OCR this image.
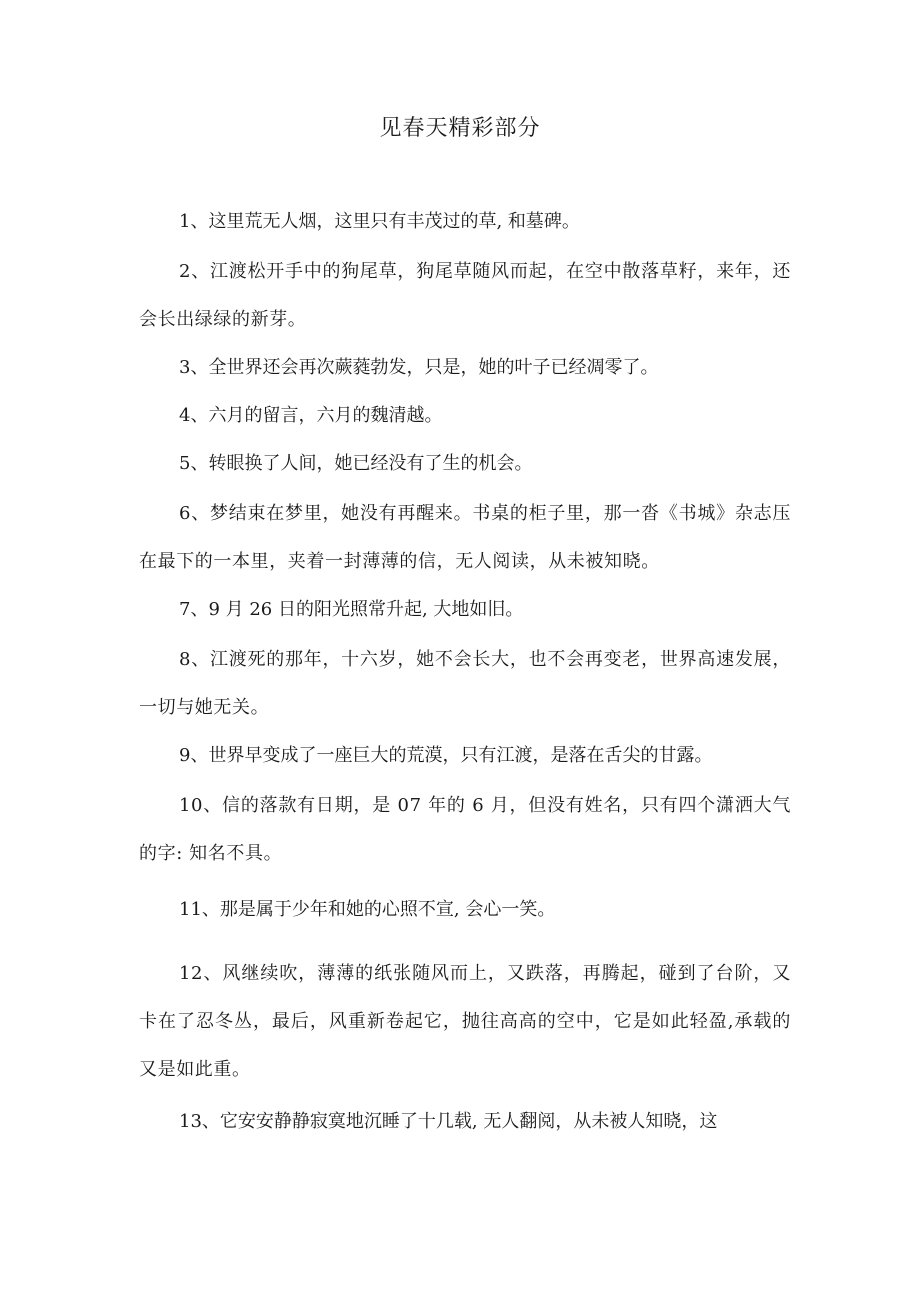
见春天精彩部分

1、这里荒无人烟，这里只有丰茂过的草, 和墓碑。

2、江渡松开手中的狗尾草，狗尾草随风而起，在空中散落草籽，来年，还会长出绿绿的新芽。

3、全世界还会再次蕨蕤勃发，只是，她的叶子已经凋零了。

4、六月的留言，六月的魏清越。

5、转眼换了人间，她已经没有了生的机会。

6、梦结束在梦里，她没有再醒来。书桌的柜子里，那一沓《书城》杂志压在最下的一本里，夹着一封薄薄的信，无人阅读，从未被知晓。

7、9 月 26 日的阳光照常升起, 大地如旧。

8、江渡死的那年，十六岁，她不会长大，也不会再变老，世界高速发展，一切与她无关。

9、世界早变成了一座巨大的荒漠，只有江渡，是落在舌尖的甘露。

10、信的落款有日期，是 07 年的 6 月，但没有姓名，只有四个潇洒大气的字: 知名不具。

11、那是属于少年和她的心照不宣, 会心一笑。

12、风继续吹，薄薄的纸张随风而上，又跌落，再腾起，碰到了台阶，又卡在了忍冬丛，最后，风重新卷起它，抛往高高的空中，它是如此轻盈,承载的又是如此重。

13、它安安静静寂寞地沉睡了十几载, 无人翻阅，从未被人知晓，这
